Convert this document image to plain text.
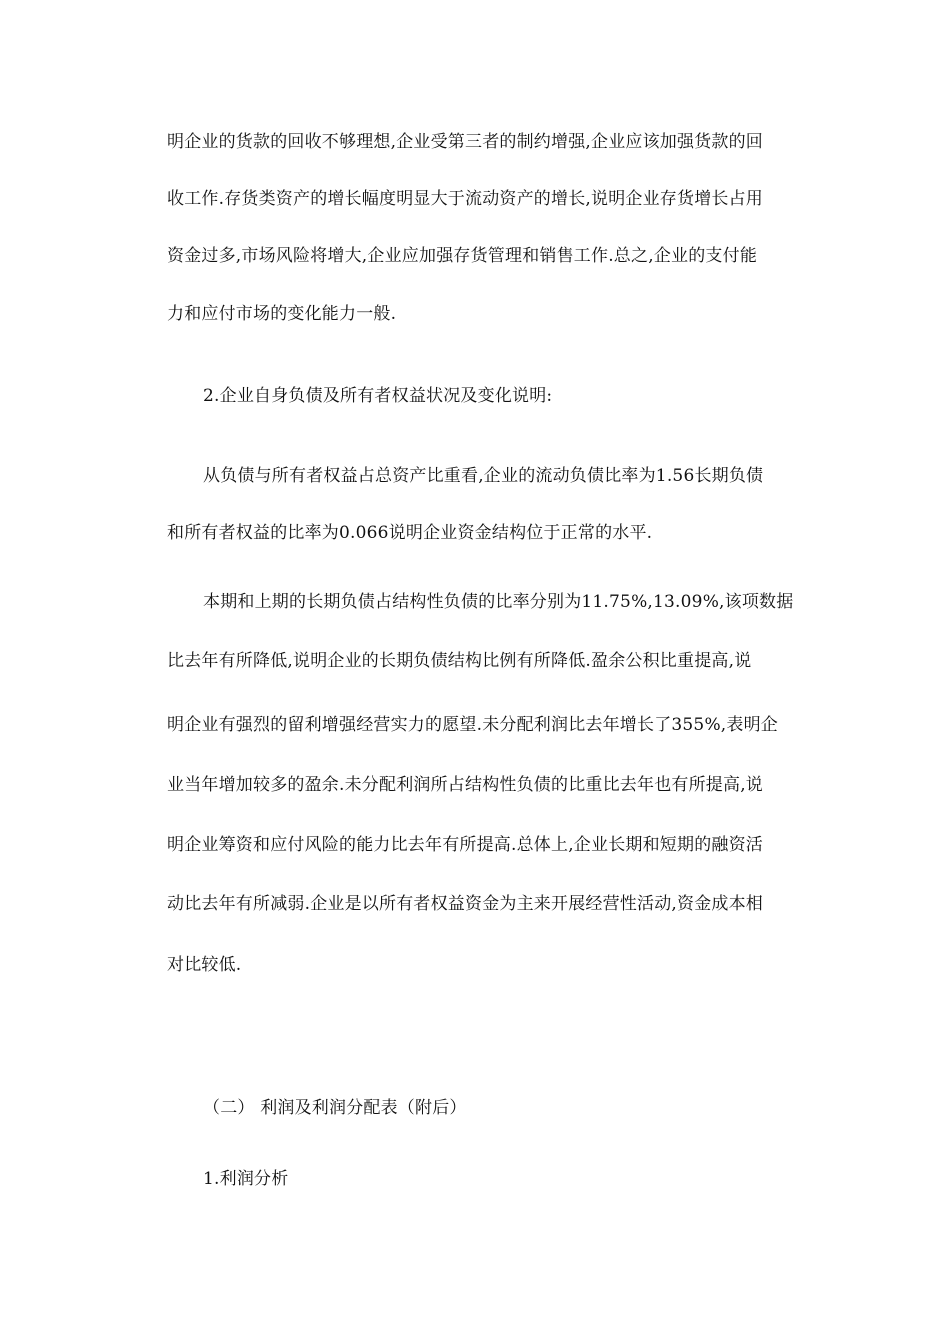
明企业的货款的回收不够理想,企业受第三者的制约增强,企业应该加强货款的回
收工作.存货类资产的增长幅度明显大于流动资产的增长,说明企业存货增长占用
资金过多,市场风险将增大,企业应加强存货管理和销售工作.总之,企业的支付能
力和应付市场的变化能力一般.
2.企业自身负债及所有者权益状况及变化说明:
从负债与所有者权益占总资产比重看,企业的流动负债比率为1.56长期负债
和所有者权益的比率为0.066说明企业资金结构位于正常的水平.
本期和上期的长期负债占结构性负债的比率分别为11.75%,13.09%,该项数据
比去年有所降低,说明企业的长期负债结构比例有所降低.盈余公积比重提高,说
明企业有强烈的留利增强经营实力的愿望.未分配利润比去年增长了355%,表明企
业当年增加较多的盈余.未分配利润所占结构性负债的比重比去年也有所提高,说
明企业筹资和应付风险的能力比去年有所提高.总体上,企业长期和短期的融资活
动比去年有所减弱.企业是以所有者权益资金为主来开展经营性活动,资金成本相
对比较低.
（二） 利润及利润分配表（附后）
1.利润分析
